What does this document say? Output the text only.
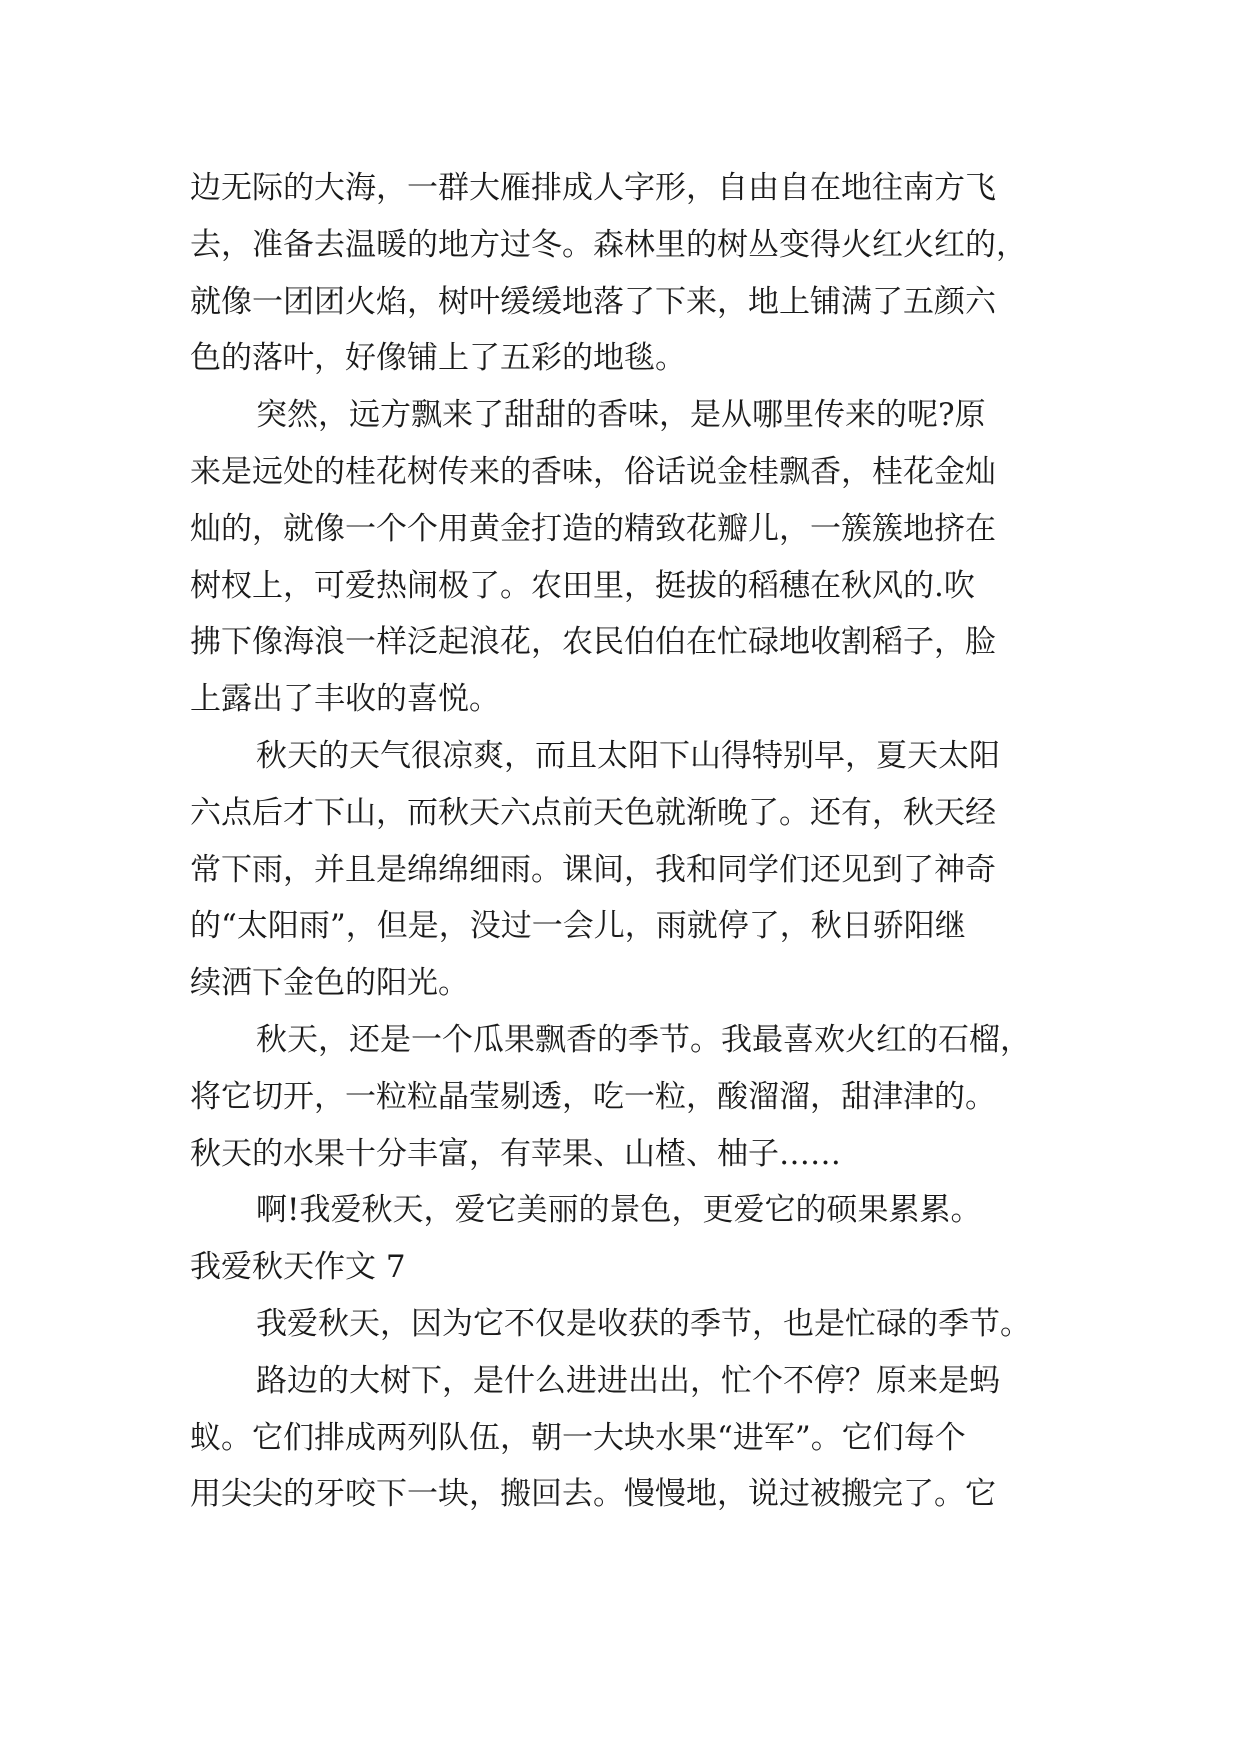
边无际的大海，一群大雁排成人字形，自由自在地往南方飞
去，准备去温暖的地方过冬。森林里的树丛变得火红火红的，
就像一团团火焰，树叶缓缓地落了下来，地上铺满了五颜六
色的落叶，好像铺上了五彩的地毯。
突然，远方飘来了甜甜的香味，是从哪里传来的呢?原
来是远处的桂花树传来的香味，俗话说金桂飘香，桂花金灿
灿的，就像一个个用黄金打造的精致花瓣儿，一簇簇地挤在
树杈上，可爱热闹极了。农田里，挺拔的稻穗在秋风的.吹
拂下像海浪一样泛起浪花，农民伯伯在忙碌地收割稻子，脸
上露出了丰收的喜悦。
秋天的天气很凉爽，而且太阳下山得特别早，夏天太阳
六点后才下山，而秋天六点前天色就渐晚了。还有，秋天经
常下雨，并且是绵绵细雨。课间，我和同学们还见到了神奇
的“太阳雨”，但是，没过一会儿，雨就停了，秋日骄阳继
续洒下金色的阳光。
秋天，还是一个瓜果飘香的季节。我最喜欢火红的石榴，
将它切开，一粒粒晶莹剔透，吃一粒，酸溜溜，甜津津的。
秋天的水果十分丰富，有苹果、山楂、柚子……
啊!我爱秋天，爱它美丽的景色，更爱它的硕果累累。
我爱秋天作文 7
我爱秋天，因为它不仅是收获的季节，也是忙碌的季节。
路边的大树下，是什么进进出出，忙个不停？原来是蚂
蚁。它们排成两列队伍，朝一大块水果“进军”。它们每个
用尖尖的牙咬下一块，搬回去。慢慢地，说过被搬完了。它
